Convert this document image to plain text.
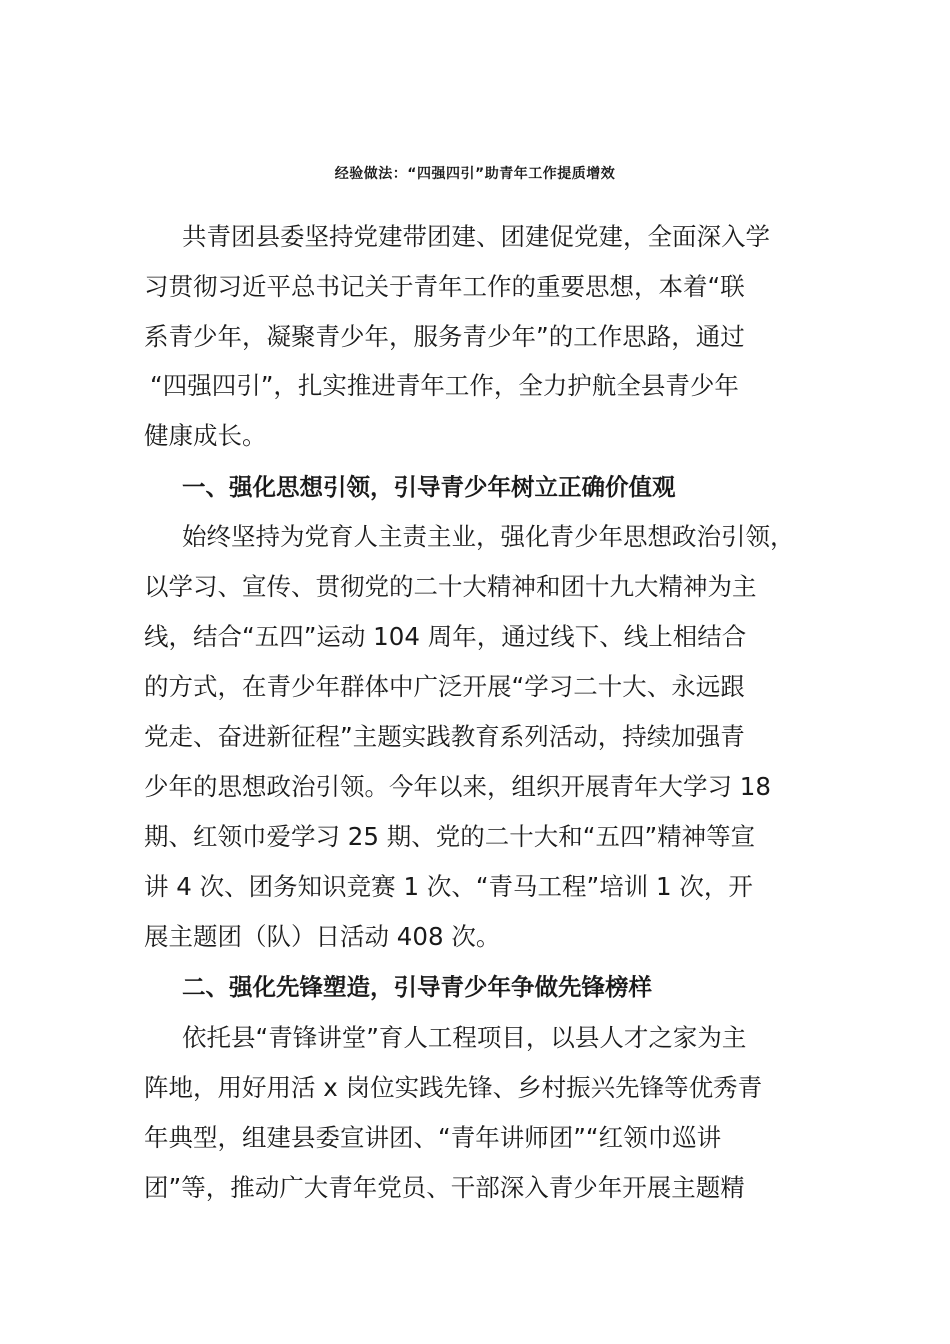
经验做法：“四强四引”助青年工作提质增效
共青团县委坚持党建带团建、团建促党建，全面深入学
习贯彻习近平总书记关于青年工作的重要思想，本着“联
系青少年，凝聚青少年，服务青少年”的工作思路，通过
“四强四引”，扎实推进青年工作，全力护航全县青少年
健康成长。
一、强化思想引领，引导青少年树立正确价值观
始终坚持为党育人主责主业，强化青少年思想政治引领，
以学习、宣传、贯彻党的二十大精神和团十九大精神为主
线，结合“五四”运动 104 周年，通过线下、线上相结合
的方式，在青少年群体中广泛开展“学习二十大、永远跟
党走、奋进新征程”主题实践教育系列活动，持续加强青
少年的思想政治引领。今年以来，组织开展青年大学习 18
期、红领巾爱学习 25 期、党的二十大和“五四”精神等宣
讲 4 次、团务知识竞赛 1 次、“青马工程”培训 1 次，开
展主题团（队）日活动 408 次。
二、强化先锋塑造，引导青少年争做先锋榜样
依托县“青锋讲堂”育人工程项目，以县人才之家为主
阵地，用好用活 x 岗位实践先锋、乡村振兴先锋等优秀青
年典型，组建县委宣讲团、“青年讲师团”“红领巾巡讲
团”等，推动广大青年党员、干部深入青少年开展主题精
